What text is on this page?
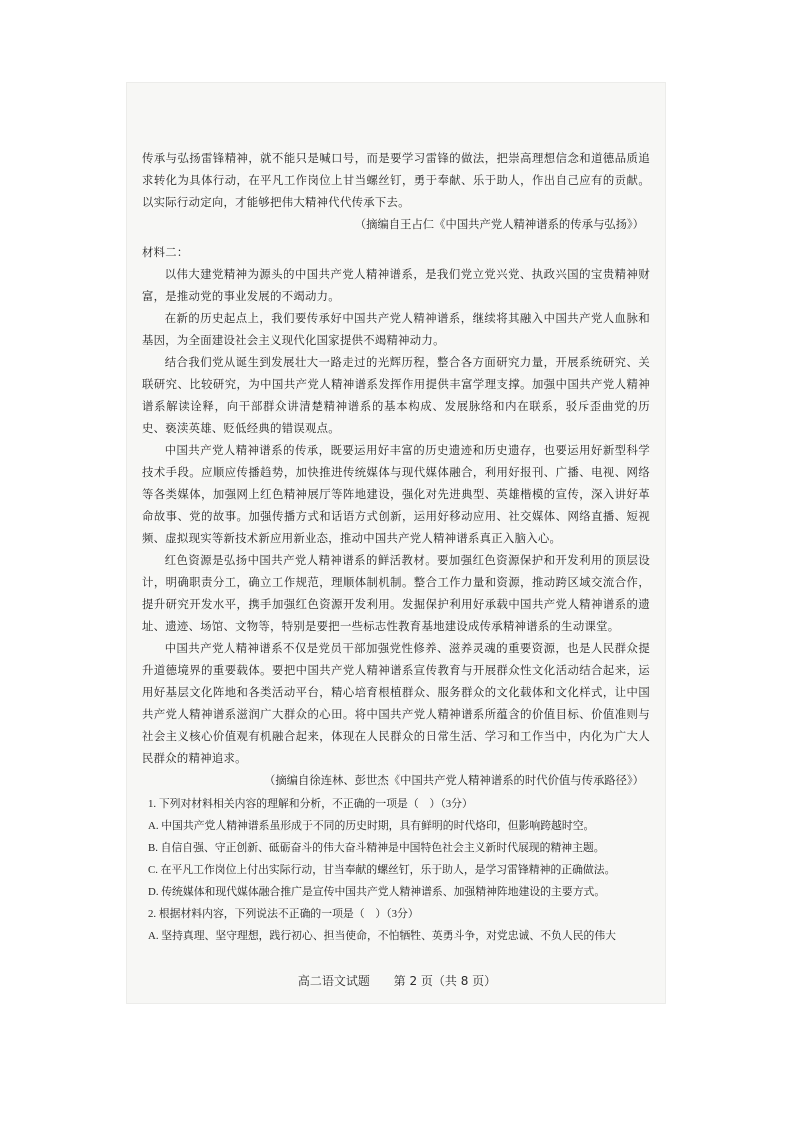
传承与弘扬雷锋精神，就不能只是喊口号，而是要学习雷锋的做法，把崇高理想信念和道德品质追求转化为具体行动，在平凡工作岗位上甘当螺丝钉，勇于奉献、乐于助人，作出自己应有的贡献。以实际行动定向，才能够把伟大精神代代传承下去。

（摘编自王占仁《中国共产党人精神谱系的传承与弘扬》）

材料二：

以伟大建党精神为源头的中国共产党人精神谱系，是我们党立党兴党、执政兴国的宝贵精神财富，是推动党的事业发展的不竭动力。

在新的历史起点上，我们要传承好中国共产党人精神谱系，继续将其融入中国共产党人血脉和基因，为全面建设社会主义现代化国家提供不竭精神动力。

结合我们党从诞生到发展壮大一路走过的光辉历程，整合各方面研究力量，开展系统研究、关联研究、比较研究，为中国共产党人精神谱系发挥作用提供丰富学理支撑。加强中国共产党人精神谱系解读诠释，向干部群众讲清楚精神谱系的基本构成、发展脉络和内在联系，驳斥歪曲党的历史、亵渎英雄、贬低经典的错误观点。

中国共产党人精神谱系的传承，既要运用好丰富的历史遗迹和历史遗存，也要运用好新型科学技术手段。应顺应传播趋势，加快推进传统媒体与现代媒体融合，利用好报刊、广播、电视、网络等各类媒体，加强网上红色精神展厅等阵地建设，强化对先进典型、英雄楷模的宣传，深入讲好革命故事、党的故事。加强传播方式和话语方式创新，运用好移动应用、社交媒体、网络直播、短视频、虚拟现实等新技术新应用新业态，推动中国共产党人精神谱系真正入脑入心。

红色资源是弘扬中国共产党人精神谱系的鲜活教材。要加强红色资源保护和开发利用的顶层设计，明确职责分工，确立工作规范，理顺体制机制。整合工作力量和资源，推动跨区域交流合作，提升研究开发水平，携手加强红色资源开发利用。发掘保护利用好承载中国共产党人精神谱系的遗址、遗迹、场馆、文物等，特别是要把一些标志性教育基地建设成传承精神谱系的生动课堂。

中国共产党人精神谱系不仅是党员干部加强党性修养、滋养灵魂的重要资源，也是人民群众提升道德境界的重要载体。要把中国共产党人精神谱系宣传教育与开展群众性文化活动结合起来，运用好基层文化阵地和各类活动平台，精心培育根植群众、服务群众的文化载体和文化样式，让中国共产党人精神谱系滋润广大群众的心田。将中国共产党人精神谱系所蕴含的价值目标、价值准则与社会主义核心价值观有机融合起来，体现在人民群众的日常生活、学习和工作当中，内化为广大人民群众的精神追求。

（摘编自徐连林、彭世杰《中国共产党人精神谱系的时代价值与传承路径》）

1. 下列对材料相关内容的理解和分析，不正确的一项是（　）（3分）

A. 中国共产党人精神谱系虽形成于不同的历史时期，具有鲜明的时代烙印，但影响跨越时空。

B. 自信自强、守正创新、砥砺奋斗的伟大奋斗精神是中国特色社会主义新时代展现的精神主题。

C. 在平凡工作岗位上付出实际行动，甘当奉献的螺丝钉，乐于助人，是学习雷锋精神的正确做法。

D. 传统媒体和现代媒体融合推广是宣传中国共产党人精神谱系、加强精神阵地建设的主要方式。

高二语文试题 第 2 页（共 8 页）

2. 根据材料内容，下列说法不正确的一项是（　）（3分）

A. 坚持真理、坚守理想，践行初心、担当使命，不怕牺牲、英勇斗争，对党忠诚、不负人民的伟大
